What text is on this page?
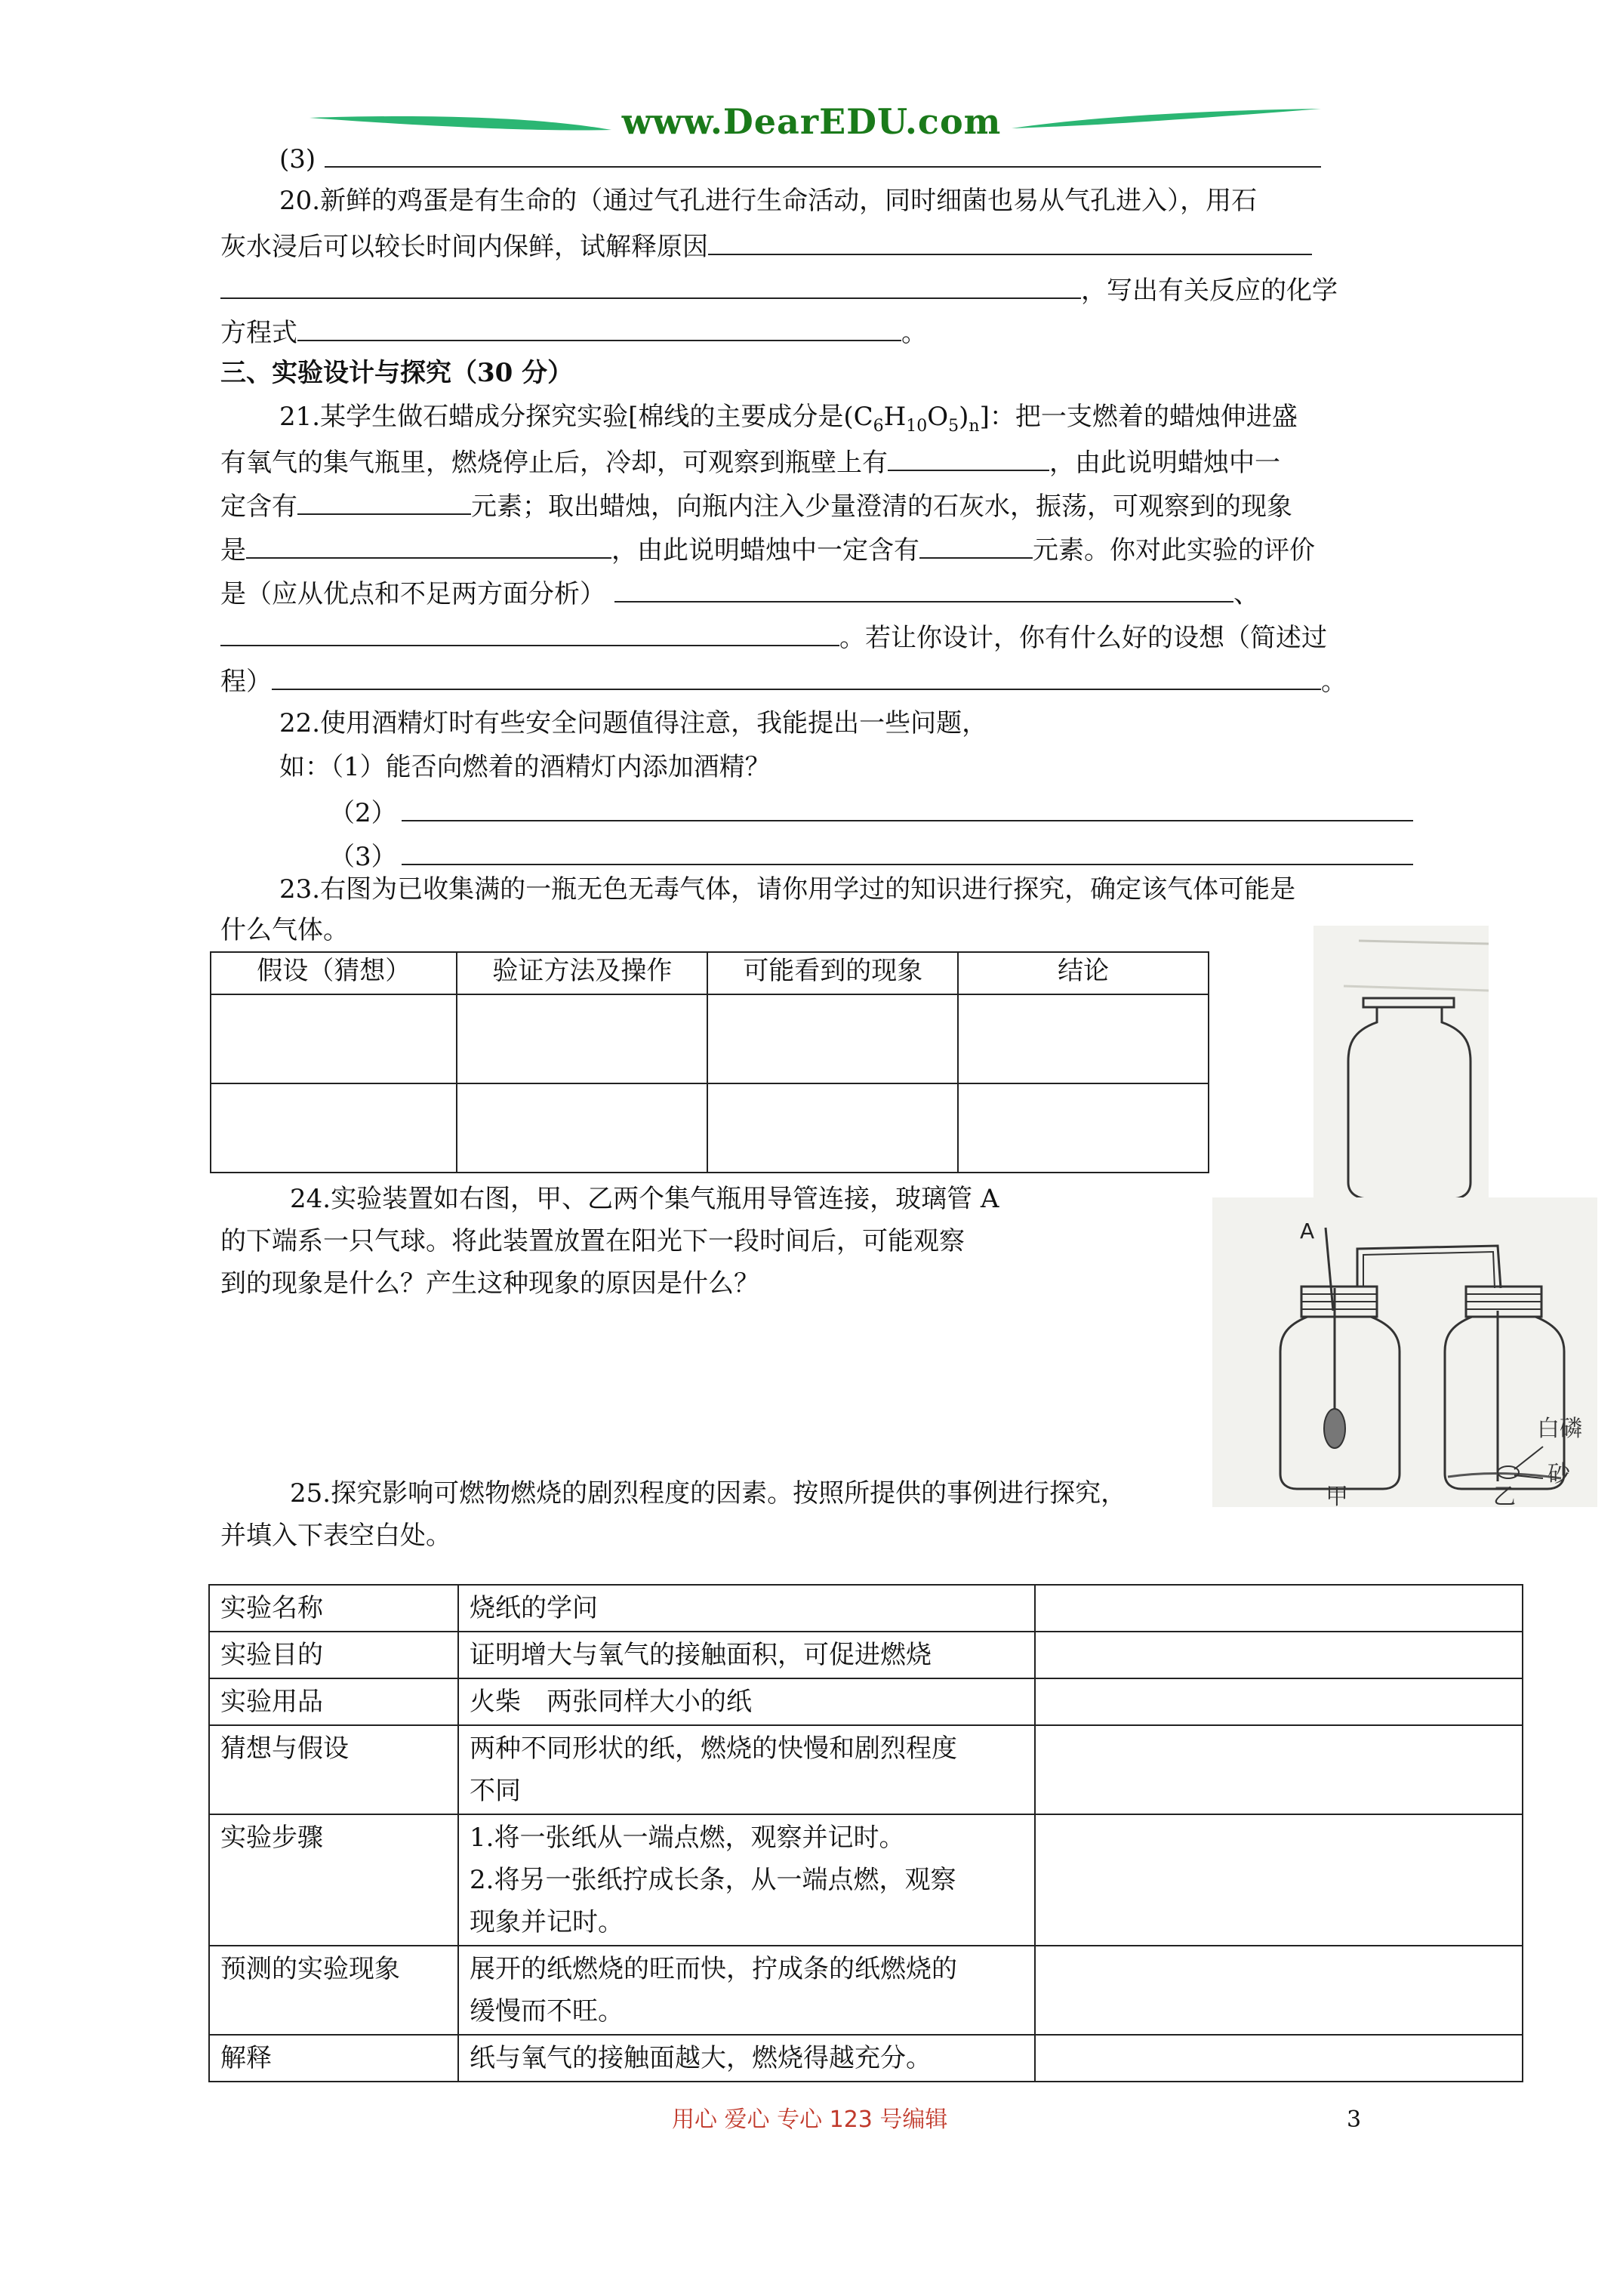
www.DearEDU.com
(3)
20.新鲜的鸡蛋是有生命的（通过气孔进行生命活动，同时细菌也易从气孔进入），用石
灰水浸后可以较长时间内保鲜，试解释原因
，写出有关反应的化学
方程式	。
三、实验设计与探究（30 分）
21.某学生做石蜡成分探究实验[棉线的主要成分是$(C_6H_{10}O_5)_n$]：把一支燃着的蜡烛伸进盛
有氧气的集气瓶里，燃烧停止后，冷却，可观察到瓶壁上有	，由此说明蜡烛中一
定含有	元素；取出蜡烛，向瓶内注入少量澄清的石灰水，振荡，可观察到的现象
是	，由此说明蜡烛中一定含有	元素。你对此实验的评价
是（应从优点和不足两方面分析）	、
。若让你设计，你有什么好的设想（简述过
程）	。
22.使用酒精灯时有些安全问题值得注意，我能提出一些问题，
如：（1）能否向燃着的酒精灯内添加酒精？
（2）
（3）
23.右图为已收集满的一瓶无色无毒气体，请你用学过的知识进行探究，确定该气体可能是
什么气体。
假设（猜想）	验证方法及操作	可能看到的现象	结论

24.实验装置如右图，甲、乙两个集气瓶用导管连接，玻璃管 A
的下端系一只气球。将此装置放置在阳光下一段时间后，可能观察
到的现象是什么？产生这种现象的原因是什么？
A
甲	乙
白磷
砂
25.探究影响可燃物燃烧的剧烈程度的因素。按照所提供的事例进行探究，
并填入下表空白处。
实验名称	烧纸的学问	

实验目的	证明增大与氧气的接触面积，可促进燃烧	

实验用品	火柴　两张同样大小的纸	

猜想与假设	两种不同形状的纸，燃烧的快慢和剧烈程度
不同	

实验步骤	1.将一张纸从一端点燃，观察并记时。
2.将另一张纸拧成长条，从一端点燃，观察
现象并记时。	

预测的实验现象	展开的纸燃烧的旺而快，拧成条的纸燃烧的
缓慢而不旺。	

解释	纸与氧气的接触面越大，燃烧得越充分。	

用心 爱心 专心 123 号编辑	3
